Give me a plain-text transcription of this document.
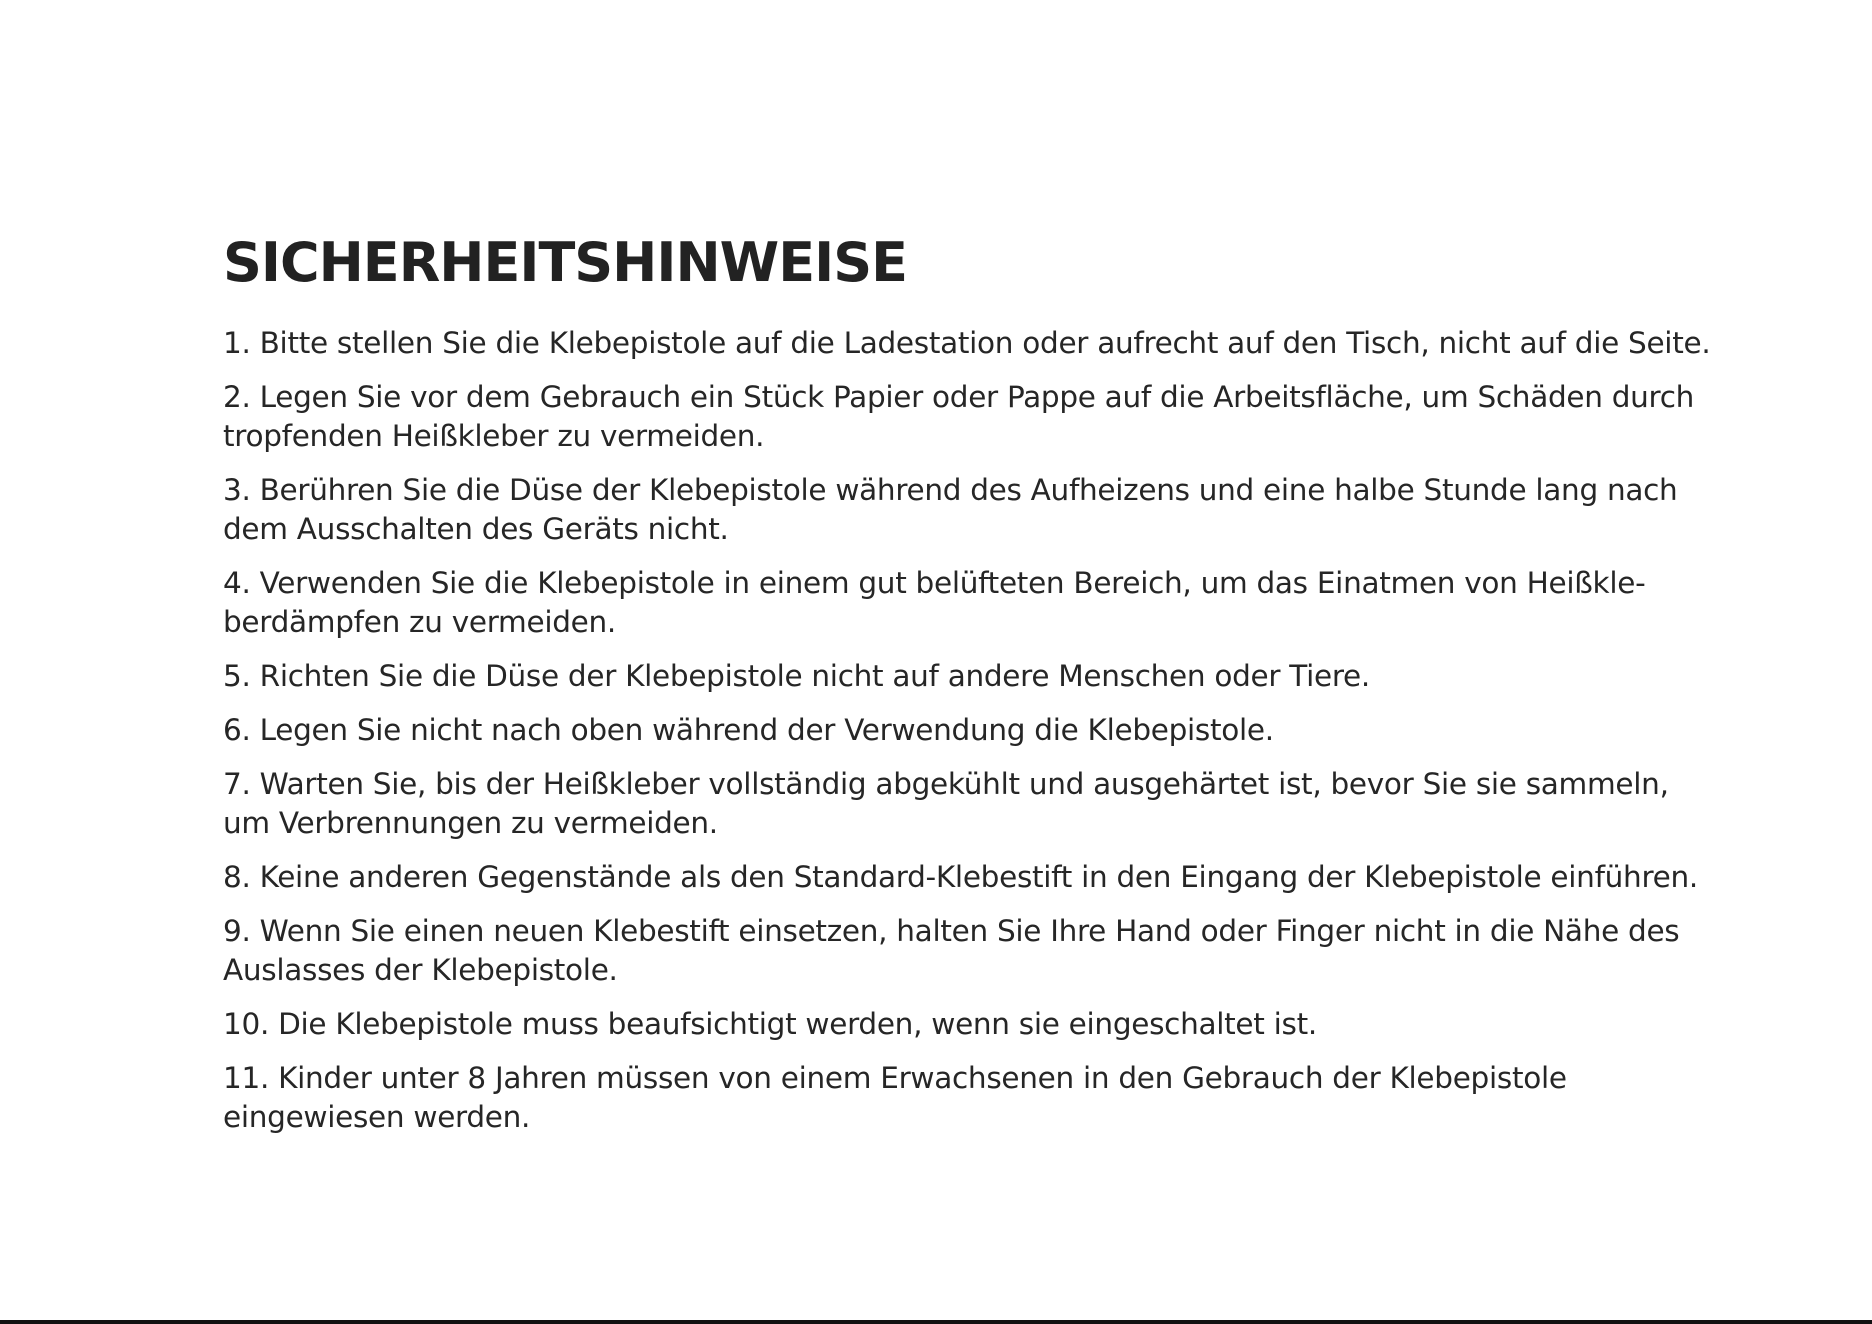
SICHERHEITSHINWEISE
1. Bitte stellen Sie die Klebepistole auf die Ladestation oder aufrecht auf den Tisch, nicht auf die Seite.
2. Legen Sie vor dem Gebrauch ein Stück Papier oder Pappe auf die Arbeitsfläche, um Schäden durch tropfenden Heißkleber zu vermeiden.
3. Berühren Sie die Düse der Klebepistole während des Aufheizens und eine halbe Stunde lang nach dem Ausschalten des Geräts nicht.
4. Verwenden Sie die Klebepistole in einem gut belüfteten Bereich, um das Einatmen von Heißkle-berdämpfen zu vermeiden.
5. Richten Sie die Düse der Klebepistole nicht auf andere Menschen oder Tiere.
6. Legen Sie nicht nach oben während der Verwendung die Klebepistole.
7. Warten Sie, bis der Heißkleber vollständig abgekühlt und ausgehärtet ist, bevor Sie sie sammeln, um Verbrennungen zu vermeiden.
8. Keine anderen Gegenstände als den Standard-Klebestift in den Eingang der Klebepistole einführen.
9. Wenn Sie einen neuen Klebestift einsetzen, halten Sie Ihre Hand oder Finger nicht in die Nähe des Auslasses der Klebepistole.
10. Die Klebepistole muss beaufsichtigt werden, wenn sie eingeschaltet ist.
11. Kinder unter 8 Jahren müssen von einem Erwachsenen in den Gebrauch der Klebepistole eingewiesen werden.
